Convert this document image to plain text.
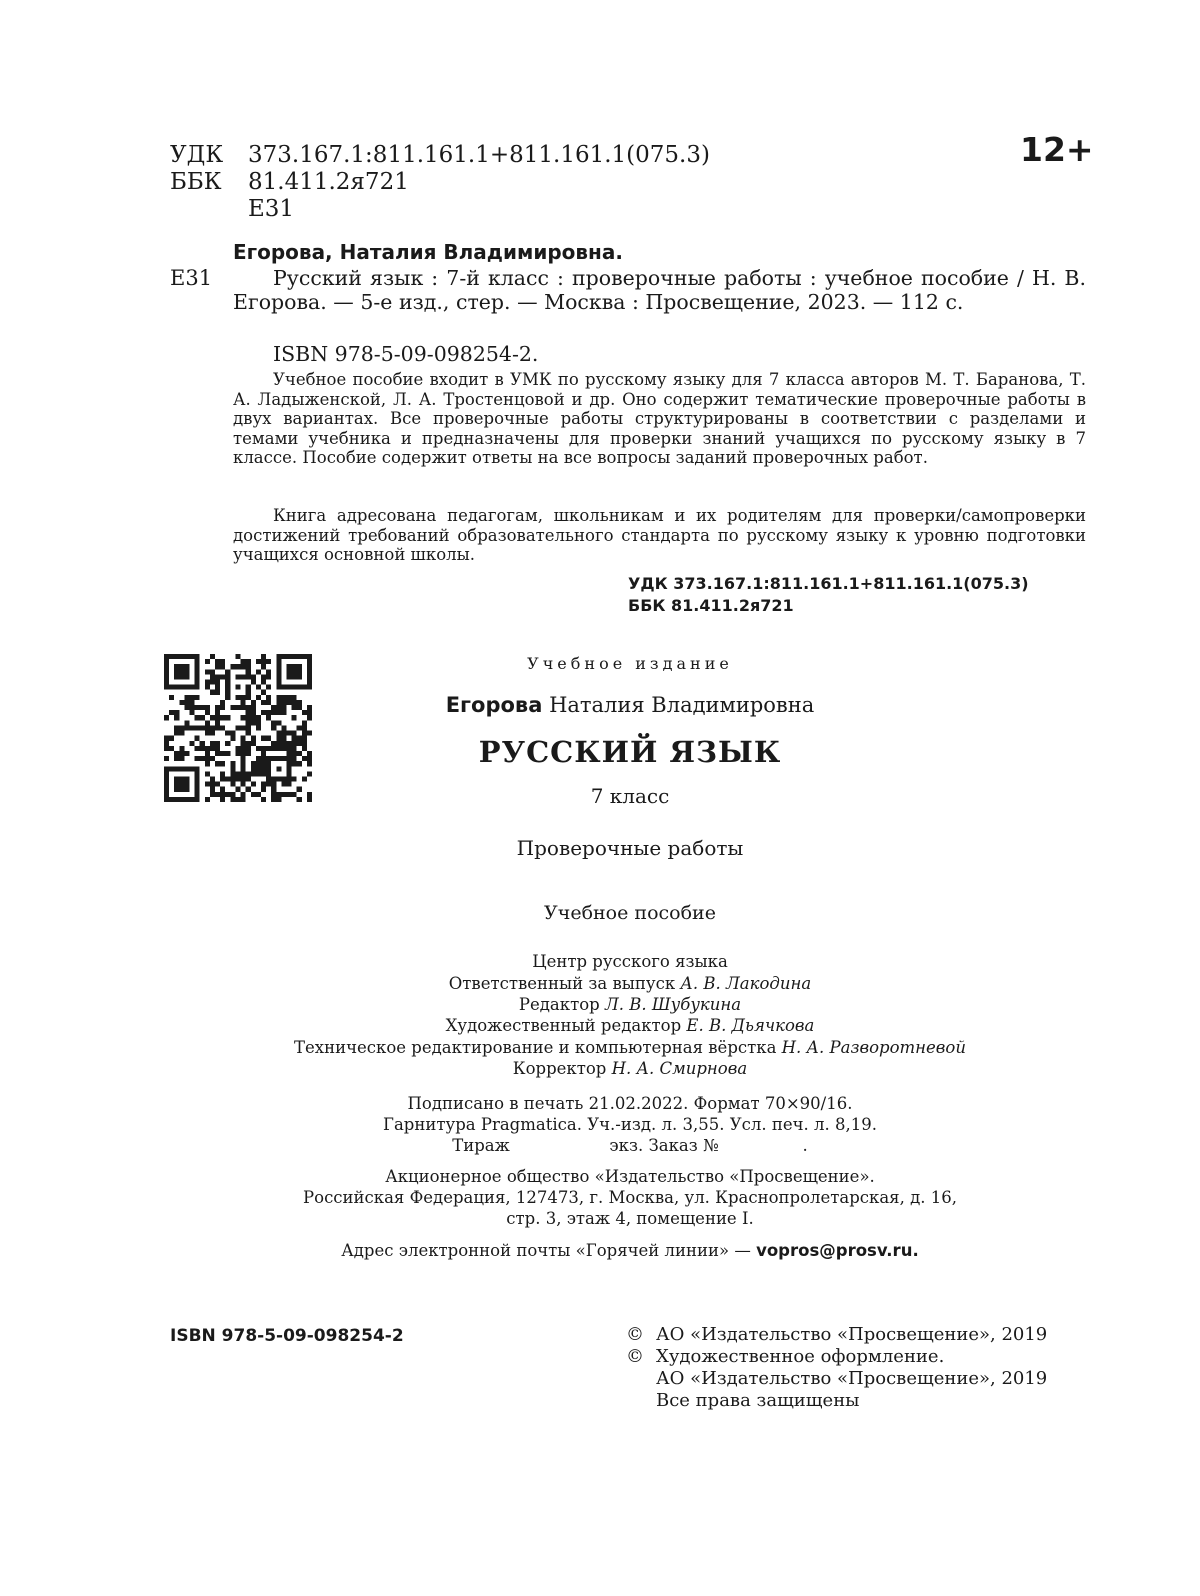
УДК 373.167.1:811.161.1+811.161.1(075.3)
ББК 81.411.2я721
Е31
12+
Егорова, Наталия Владимировна.
Е31	Русский язык : 7-й класс : проверочные работы : учебное пособие / Н. В. Егорова. — 5-е изд., стер. — Москва : Просвещение, 2023. — 112 с.
ISBN 978-5-09-098254-2.
Учебное пособие входит в УМК по русскому языку для 7 класса авторов М. Т. Баранова, Т. А. Ладыженской, Л. А. Тростенцовой и др. Оно содержит тематические проверочные работы в двух вариантах. Все проверочные работы структурированы в соответствии с разделами и темами учебника и предназначены для проверки знаний учащихся по русскому языку в 7 классе. Пособие содержит ответы на все вопросы заданий проверочных работ.
Книга адресована педагогам, школьникам и их родителям для проверки/самопроверки достижений требований образовательного стандарта по русскому языку к уровню подготовки учащихся основной школы.
УДК 373.167.1:811.161.1+811.161.1(075.3)
ББК 81.411.2я721
Учебное издание
Егорова Наталия Владимировна
РУССКИЙ ЯЗЫК
7 класс
Проверочные работы
Учебное пособие
Центр русского языка
Ответственный за выпуск А. В. Лакодина
Редактор Л. В. Шубукина
Художественный редактор Е. В. Дьячкова
Техническое редактирование и компьютерная вёрстка Н. А. Разворотневой
Корректор Н. А. Смирнова
Подписано в печать 21.02.2022. Формат 70×90/16.
Гарнитура Pragmatica. Уч.-изд. л. 3,55. Усл. печ. л. 8,19.
Тираж                   экз. Заказ №                .
Акционерное общество «Издательство «Просвещение».
Российская Федерация, 127473, г. Москва, ул. Краснопролетарская, д. 16,
стр. 3, этаж 4, помещение I.
Адрес электронной почты «Горячей линии» — vopros@prosv.ru.
ISBN 978-5-09-098254-2	© АО «Издательство «Просвещение», 2019
© Художественное оформление.
АО «Издательство «Просвещение», 2019
Все права защищены
